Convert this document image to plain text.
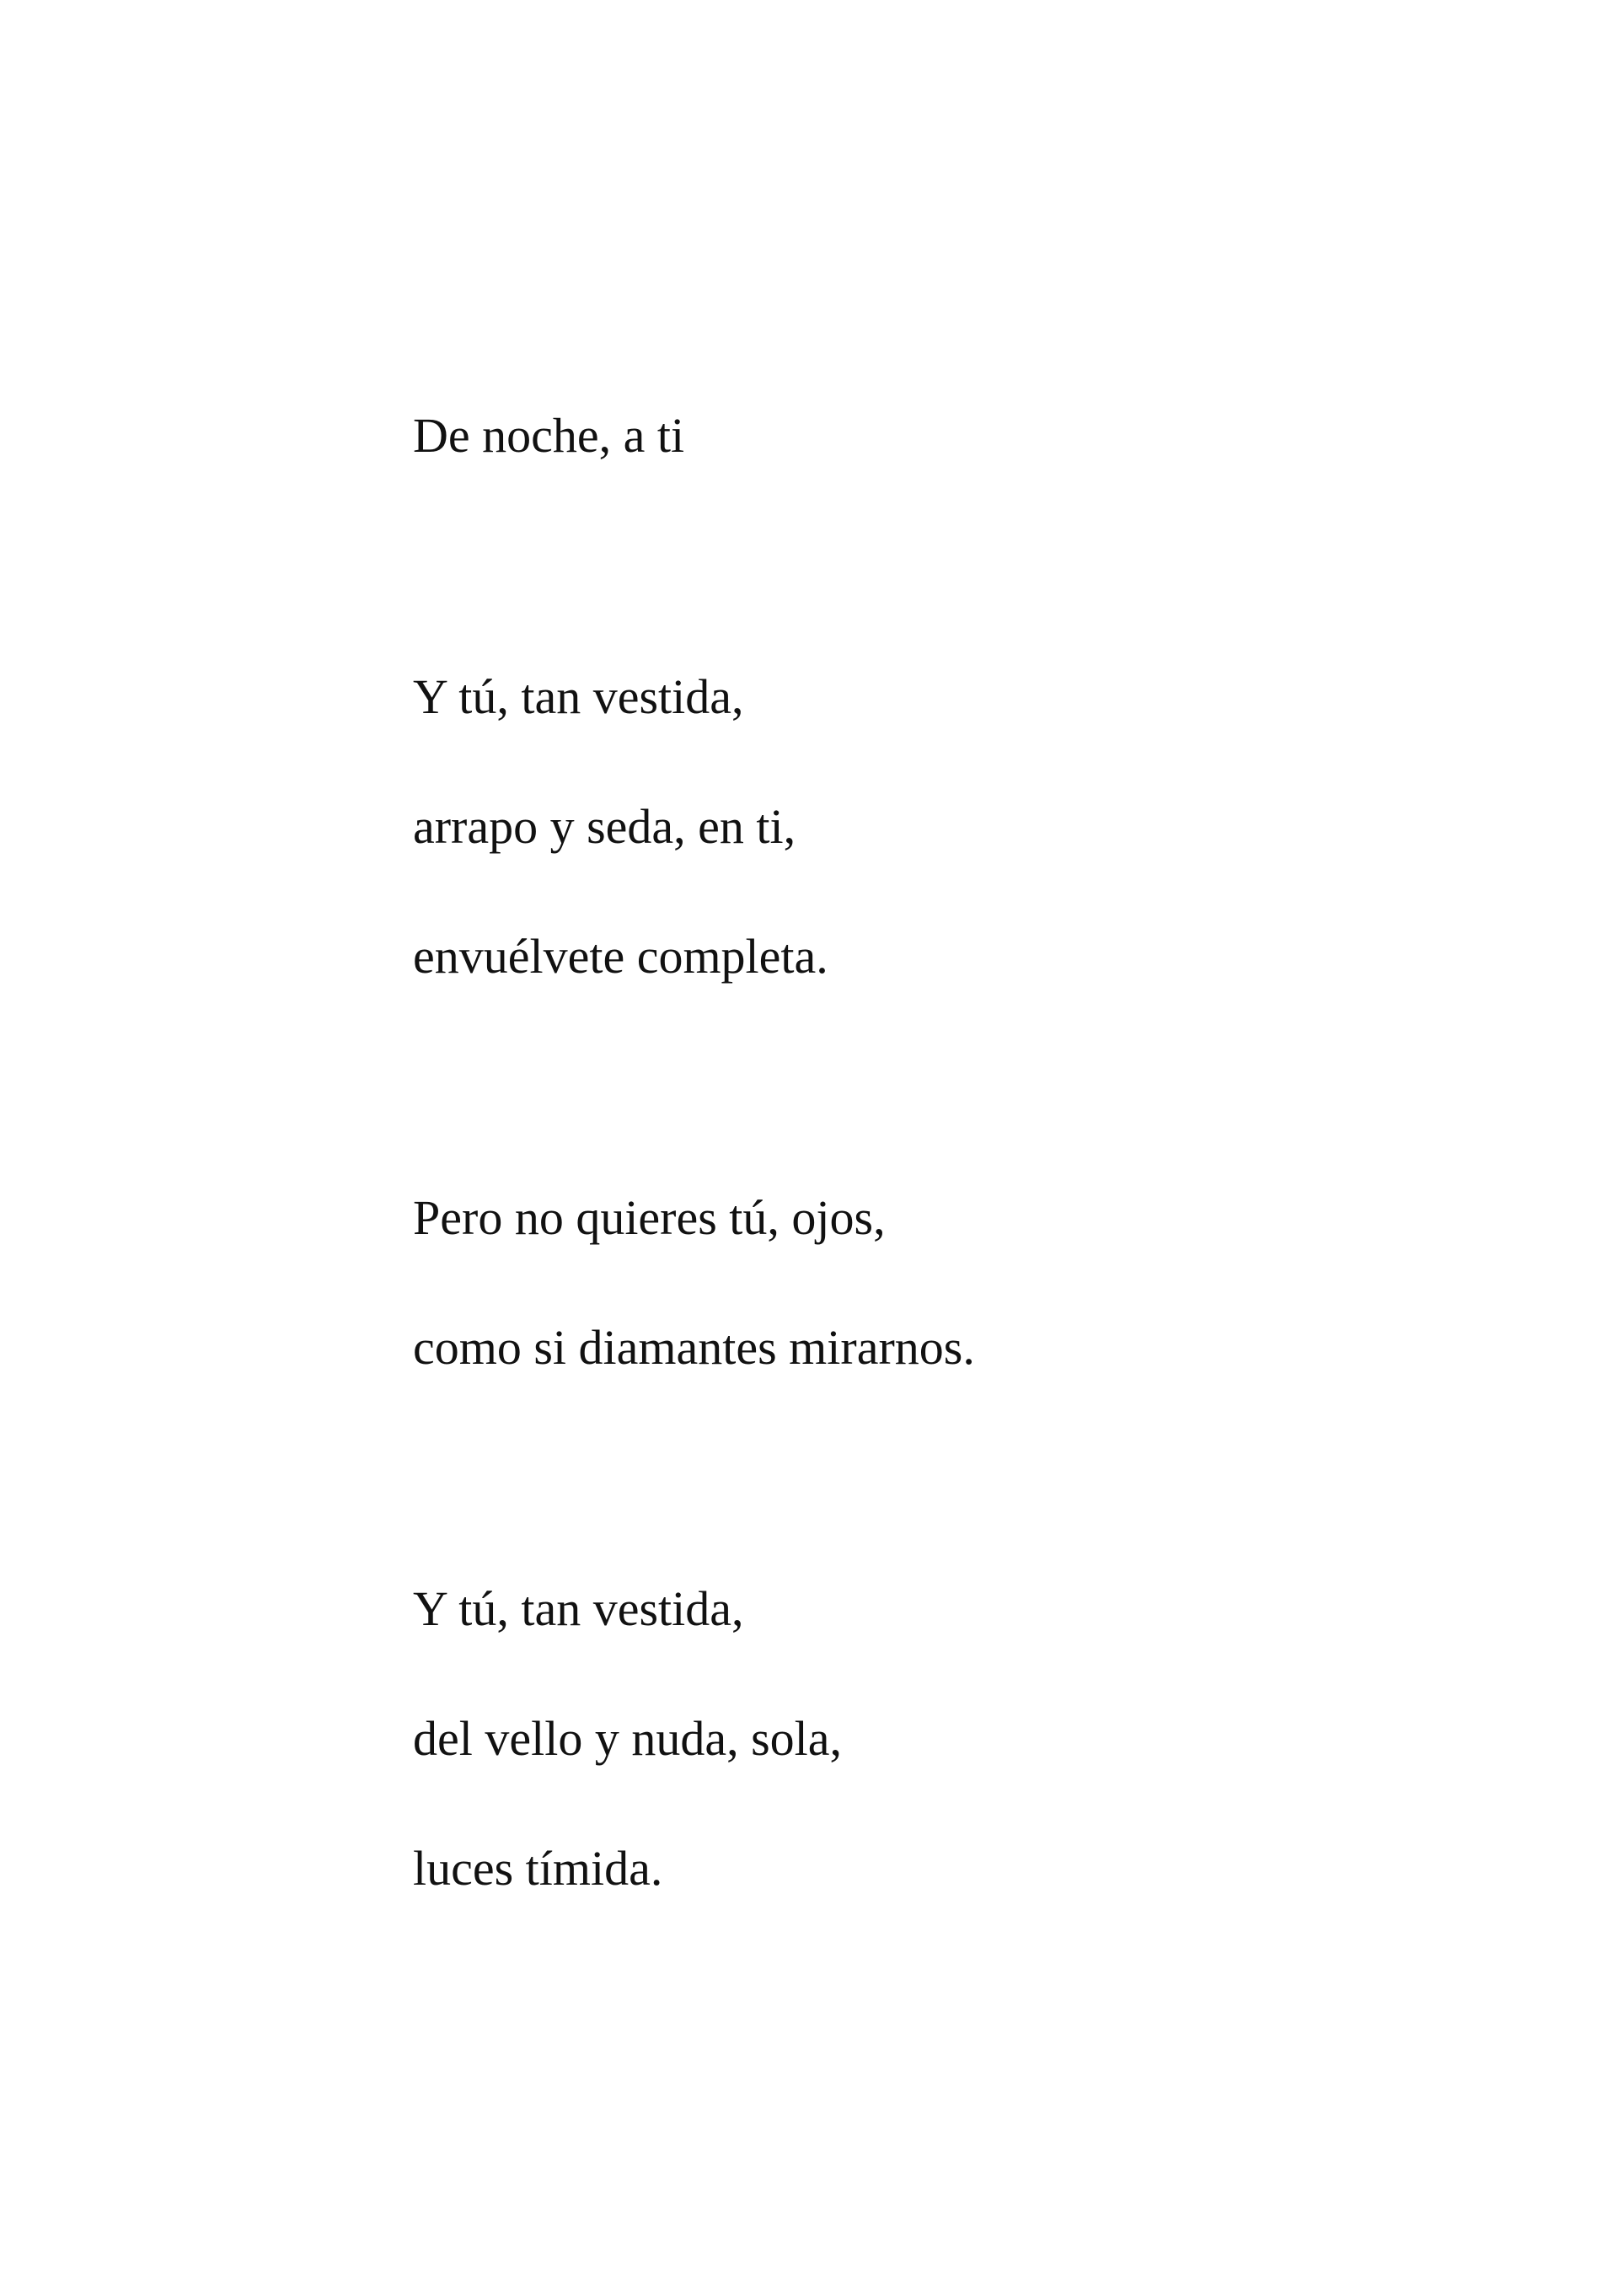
De noche, a ti

Y tú, tan vestida,

arrapo y seda, en ti,

envuélvete completa.

Pero no quieres tú, ojos,

como si diamantes mirarnos.

Y tú, tan vestida,

del vello y nuda, sola,

luces tímida.
